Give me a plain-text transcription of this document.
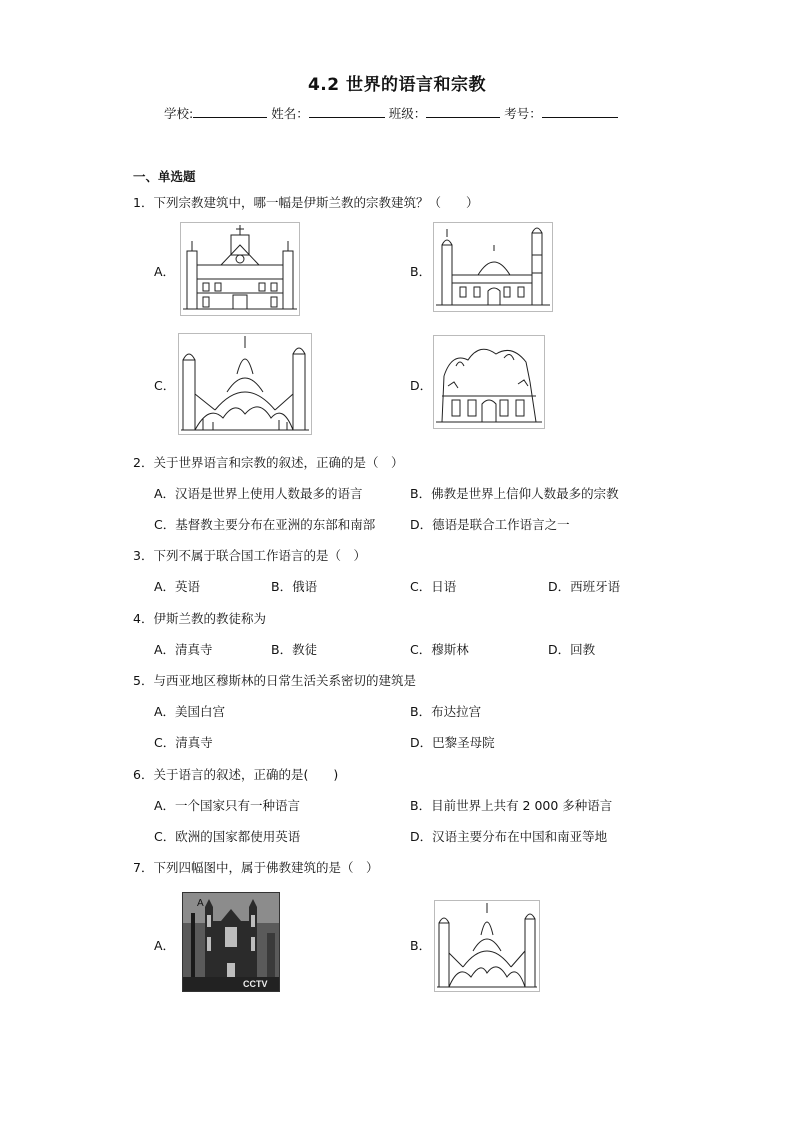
4.2 世界的语言和宗教
学校:	姓名：	班级：	考号：
一、单选题
1．下列宗教建筑中，哪一幅是伊斯兰教的宗教建筑？（　　）
A．	B．
C．	D．
2．关于世界语言和宗教的叙述，正确的是（　）
A．汉语是世界上使用人数最多的语言	B．佛教是世界上信仰人数最多的宗教
C．基督教主要分布在亚洲的东部和南部	D．德语是联合工作语言之一
3．下列不属于联合国工作语言的是（　）
A．英语	B．俄语	C．日语	D．西班牙语
4．伊斯兰教的教徒称为
A．清真寺	B．教徒	C．穆斯林	D．回教
5．与西亚地区穆斯林的日常生活关系密切的建筑是
A．美国白宫	B．布达拉宫
C．清真寺	D．巴黎圣母院
6．关于语言的叙述，正确的是(　　)
A．一个国家只有一种语言	B．目前世界上共有 2 000 多种语言
C．欧洲的国家都使用英语	D．汉语主要分布在中国和南亚等地
7．下列四幅图中，属于佛教建筑的是（　）
A．
A
CCTV
B．
